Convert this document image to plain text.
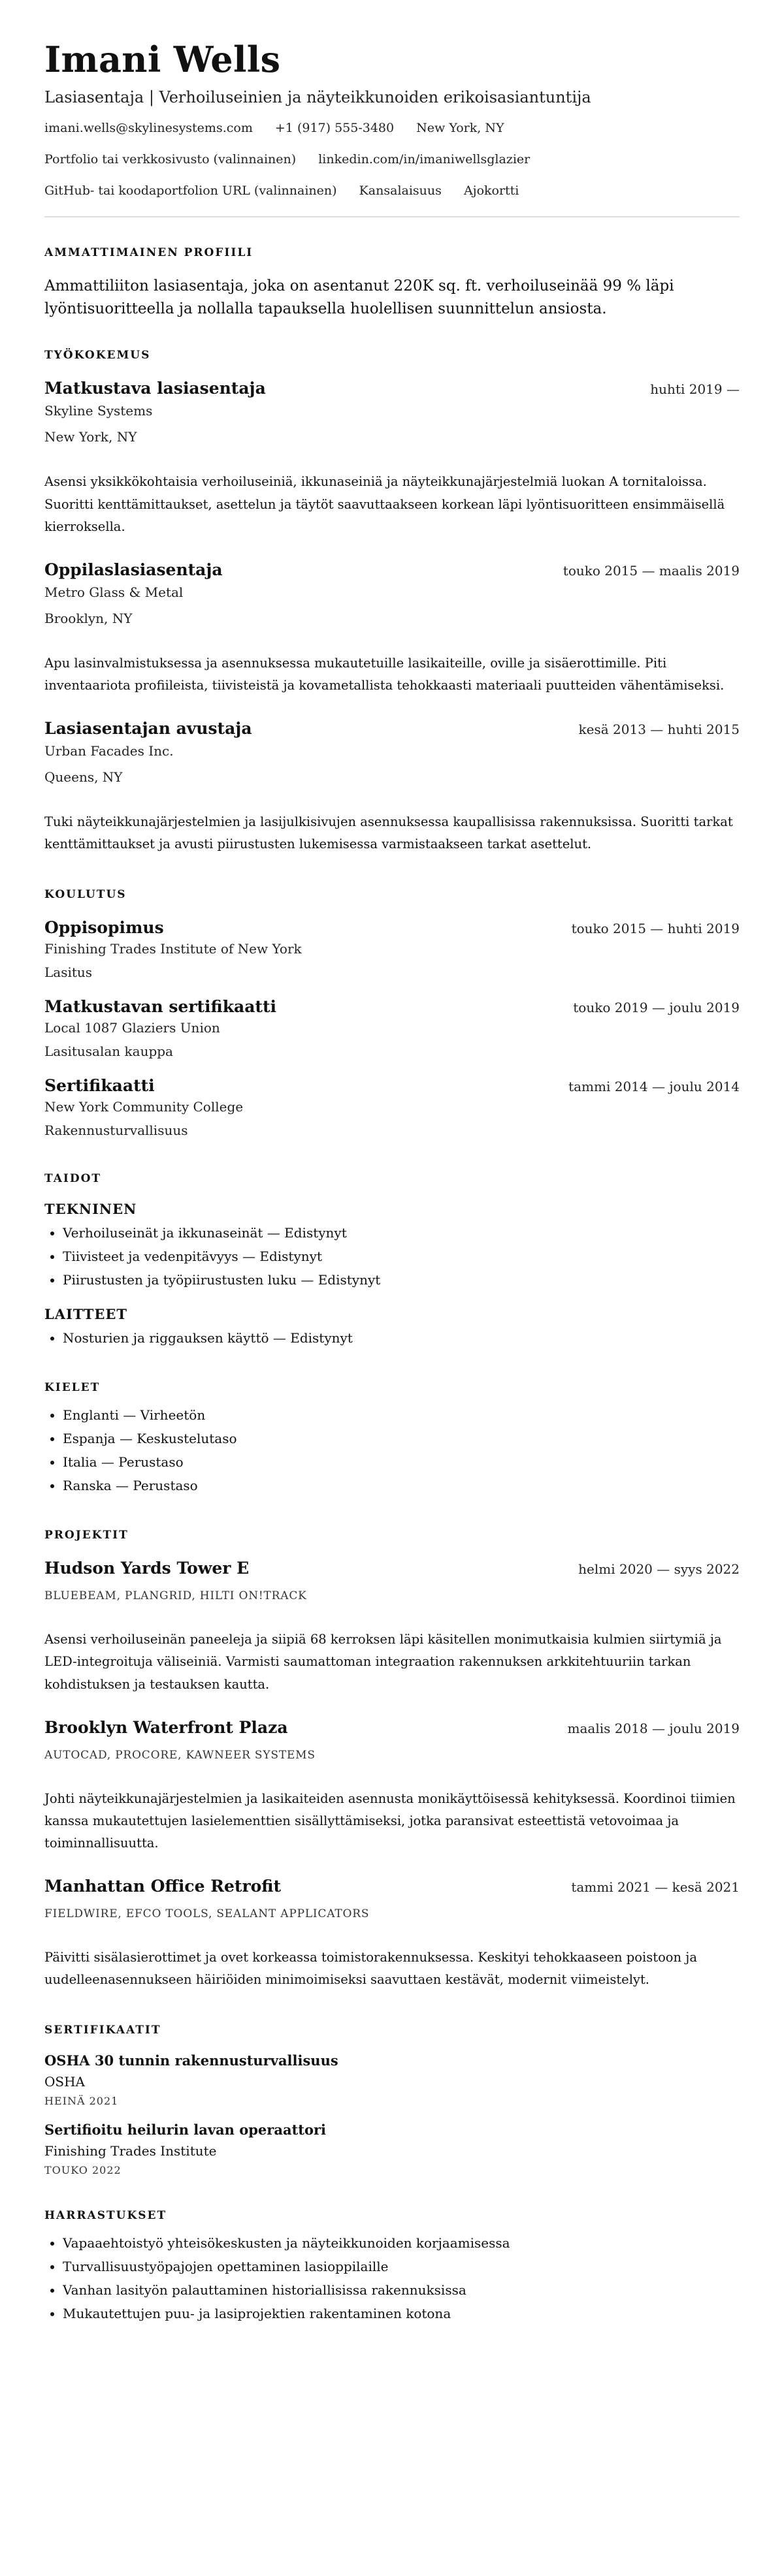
Imani Wells
Lasiasentaja | Verhoiluseinien ja näyteikkunoiden erikoisasiantuntija
imani.wells@skylinesystems.com +1 (917) 555-3480 New York, NY
Portfolio tai verkkosivusto (valinnainen) linkedin.com/in/imaniwellsglazier
GitHub- tai koodaportfolion URL (valinnainen) Kansalaisuus Ajokortti
AMMATTIMAINEN PROFIILI
Ammattiliiton lasiasentaja, joka on asentanut 220K sq. ft. verhoiluseinää 99 % läpi lyöntisuoritteella ja nollalla tapauksella huolellisen suunnittelun ansiosta.
TYÖKOKEMUS
Matkustava lasiasentaja	huhti 2019 —
Skyline Systems
New York, NY
Asensi yksikkökohtaisia verhoiluseiniä, ikkunaseiniä ja näyteikkunajärjestelmiä luokan A tornitaloissa. Suoritti kenttämittaukset, asettelun ja täytöt saavuttaakseen korkean läpi lyöntisuoritteen ensimmäisellä kierroksella.
Oppilaslasiasentaja	touko 2015 — maalis 2019
Metro Glass & Metal
Brooklyn, NY
Apu lasinvalmistuksessa ja asennuksessa mukautetuille lasikaiteille, oville ja sisäerottimille. Piti inventaariota profiileista, tiivisteistä ja kovametallista tehokkaasti materiaali puutteiden vähentämiseksi.
Lasiasentajan avustaja	kesä 2013 — huhti 2015
Urban Facades Inc.
Queens, NY
Tuki näyteikkunajärjestelmien ja lasijulkisivujen asennuksessa kaupallisissa rakennuksissa. Suoritti tarkat kenttämittaukset ja avusti piirustusten lukemisessa varmistaakseen tarkat asettelut.
KOULUTUS
Oppisopimus	touko 2015 — huhti 2019
Finishing Trades Institute of New York
Lasitus
Matkustavan sertifikaatti	touko 2019 — joulu 2019
Local 1087 Glaziers Union
Lasitusalan kauppa
Sertifikaatti	tammi 2014 — joulu 2014
New York Community College
Rakennusturvallisuus
TAIDOT
TEKNINEN
• Verhoiluseinät ja ikkunaseinät — Edistynyt
• Tiivisteet ja vedenpitävyys — Edistynyt
• Piirustusten ja työpiirustusten luku — Edistynyt
LAITTEET
• Nosturien ja riggauksen käyttö — Edistynyt
KIELET
• Englanti — Virheetön
• Espanja — Keskustelutaso
• Italia — Perustaso
• Ranska — Perustaso
PROJEKTIT
Hudson Yards Tower E	helmi 2020 — syys 2022
BLUEBEAM, PLANGRID, HILTI ON!TRACK
Asensi verhoiluseinän paneeleja ja siipiä 68 kerroksen läpi käsitellen monimutkaisia kulmien siirtymiä ja LED-integroituja väliseiniä. Varmisti saumattoman integraation rakennuksen arkkitehtuuriin tarkan kohdistuksen ja testauksen kautta.
Brooklyn Waterfront Plaza	maalis 2018 — joulu 2019
AUTOCAD, PROCORE, KAWNEER SYSTEMS
Johti näyteikkunajärjestelmien ja lasikaiteiden asennusta monikäyttöisessä kehityksessä. Koordinoi tiimien kanssa mukautettujen lasielementtien sisällyttämiseksi, jotka paransivat esteettistä vetovoimaa ja toiminnallisuutta.
Manhattan Office Retrofit	tammi 2021 — kesä 2021
FIELDWIRE, EFCO TOOLS, SEALANT APPLICATORS
Päivitti sisälasierottimet ja ovet korkeassa toimistorakennuksessa. Keskityi tehokkaaseen poistoon ja uudelleenasennukseen häiriöiden minimoimiseksi saavuttaen kestävät, modernit viimeistelyt.
SERTIFIKAATIT
OSHA 30 tunnin rakennusturvallisuus
OSHA
HEINÄ 2021
Sertifioitu heilurin lavan operaattori
Finishing Trades Institute
TOUKO 2022
HARRASTUKSET
• Vapaaehtoistyö yhteisökeskusten ja näyteikkunoiden korjaamisessa
• Turvallisuustyöpajojen opettaminen lasioppilaille
• Vanhan lasityön palauttaminen historiallisissa rakennuksissa
• Mukautettujen puu- ja lasiprojektien rakentaminen kotona
